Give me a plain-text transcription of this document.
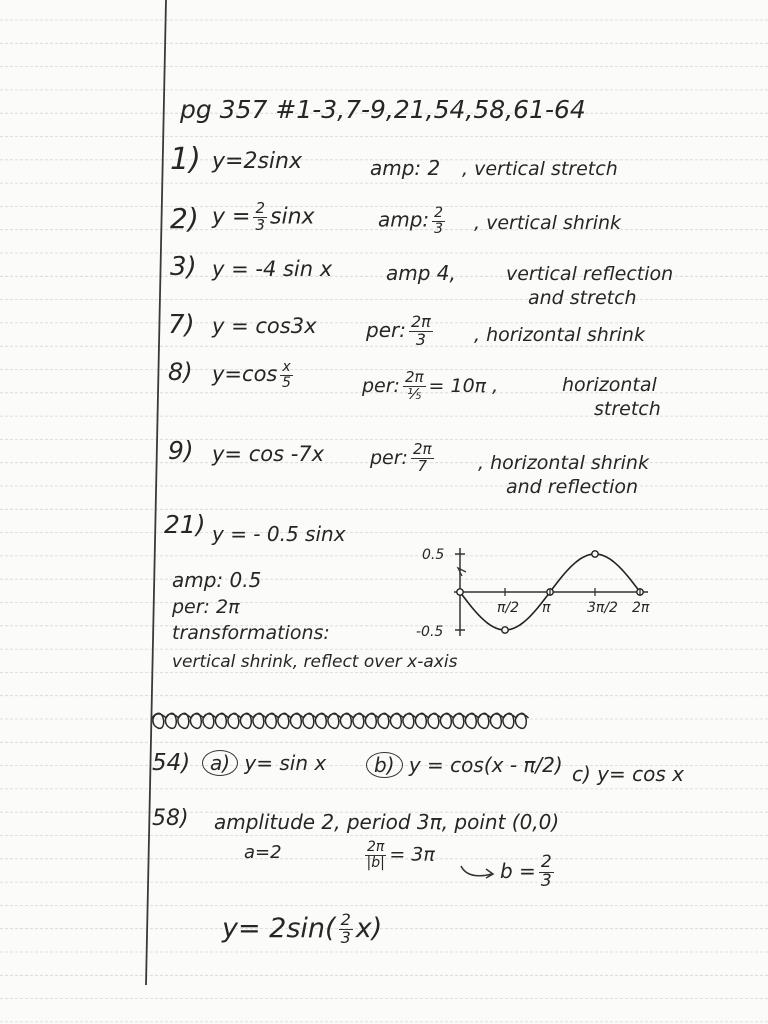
pg 357 #1-3,7-9,21,54,58,61-64
1) y=2sinx	amp: 2 , vertical stretch
2) $y = \frac{2}{3}$ sinx	amp: $\frac{2}{3}$ , vertical shrink
3) y = -4 sin x	amp 4,	vertical reflection
and stretch
7) y = cos3x per: $\frac{2\pi}{3}$ , horizontal shrink
8) $y=\cos \frac{x}{5}$	per: $\frac{2\pi}{\text{⅕}} = 10\pi$ ,	horizontal
stretch
9) y= cos -7x per: $\frac{2\pi}{7}$ , horizontal shrink
and reflection
21) y = - 0.5 sinx
amp: 0.5
per: 2π
transformations:
vertical shrink, reflect over x-axis
π/2 π	3π/2 2π
0.5
-0.5
54) a) y= sin x	b) y = cos(x - π/2) c) y= cos x
58) amplitude 2, period 3π, point (0,0)
a=2	$\frac{2\pi}{|b|} = 3\pi$
$b = \frac{2}{3}$
$y= 2\sin( \frac{2}{3} x)$
